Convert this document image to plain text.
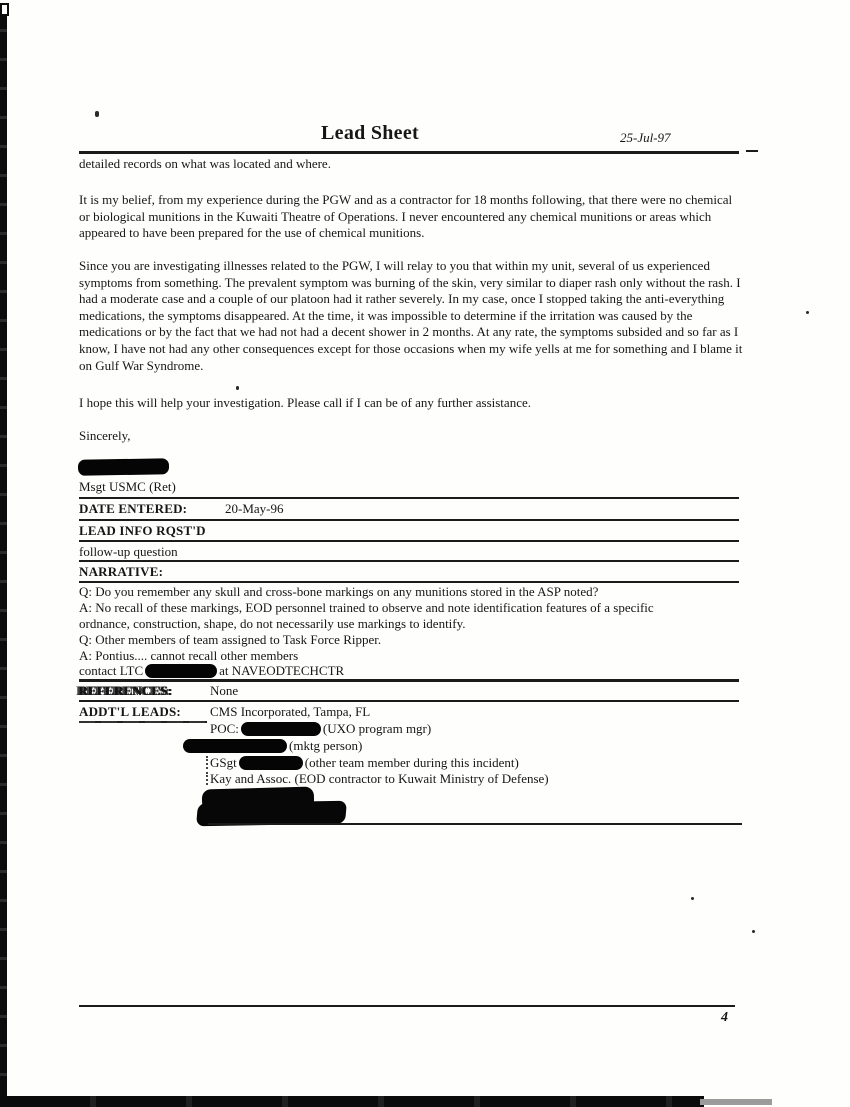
Lead Sheet	25-Jul-97
detailed records on what was located and where.
It is my belief, from my experience during the PGW and as a contractor for 18 months following, that there were no chemical or biological munitions in the Kuwaiti Theatre of Operations. I never encountered any chemical munitions or areas which appeared to have been prepared for the use of chemical munitions.
Since you are investigating illnesses related to the PGW, I will relay to you that within my unit, several of us experienced symptoms from something. The prevalent symptom was burning of the skin, very similar to diaper rash only without the rash. I had a moderate case and a couple of our platoon had it rather severely. In my case, once I stopped taking the anti-everything medications, the symptoms disappeared. At the time, it was impossible to determine if the irritation was caused by the medications or by the fact that we had not had a decent shower in 2 months. At any rate, the symptoms subsided and so far as I know, I have not had any other consequences except for those occasions when my wife yells at me for something and I blame it on Gulf War Syndrome.
I hope this will help your investigation. Please call if I can be of any further assistance.
Sincerely,
Msgt USMC (Ret)
DATE ENTERED:	20-May-96
LEAD INFO RQST'D
follow-up question
NARRATIVE:
Q: Do you remember any skull and cross-bone markings on any munitions stored in the ASP noted?
A: No recall of these markings, EOD personnel trained to observe and note identification features of a specific
ordnance, construction, shape, do not necessarily use markings to identify.
Q: Other members of team assigned to Task Force Ripper.
A: Pontius.... cannot recall other members
contact LTC	at NAVEODTECHCTR
REFERENCES:	None
ADDT'L LEADS:	CMS Incorporated, Tampa, FL
POC:	(UXO program mgr)
(mktg person)
GSgt	(other team member during this incident)
Kay and Assoc. (EOD contractor to Kuwait Ministry of Defense)
4
